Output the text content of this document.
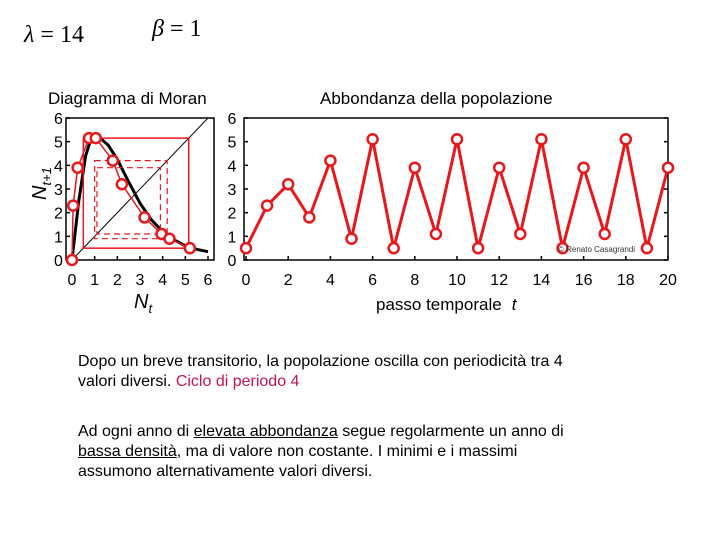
λ = 14	β = 1
Diagramma di Moran
0
1
2
3
4
5
6
0 1 2 3 4 5 6
$N_{t+1}$
$N_t$
Abbondanza della popolazione
0
1
2
3
4
5
6
0 2 4 6 8 10 12 14 16 18 20
© Renato Casagrandi
passo temporale t
Dopo un breve transitorio, la popolazione oscilla con periodicità tra 4
valori diversi. Ciclo di periodo 4
Ad ogni anno di elevata abbondanza segue regolarmente un anno di
bassa densità, ma di valore non costante. I minimi e i massimi
assumono alternativamente valori diversi.
